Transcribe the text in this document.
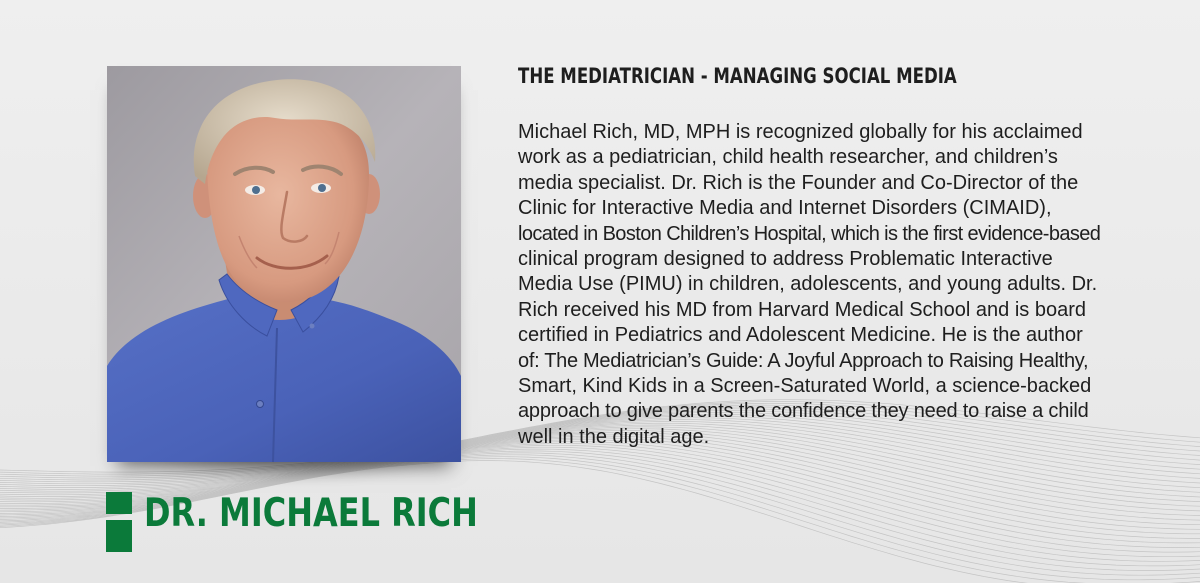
DR. MICHAEL RICH
THE MEDIATRICIAN - MANAGING SOCIAL MEDIA
Michael Rich, MD, MPH is recognized globally for his acclaimed
work as a pediatrician, child health researcher, and children’s
media specialist. Dr. Rich is the Founder and Co-Director of the
Clinic for Interactive Media and Internet Disorders (CIMAID),
located in Boston Children’s Hospital, which is the first evidence-based
clinical program designed to address Problematic Interactive
Media Use (PIMU) in children, adolescents, and young adults. Dr.
Rich received his MD from Harvard Medical School and is board
certified in Pediatrics and Adolescent Medicine. He is the author
of: The Mediatrician’s Guide: A Joyful Approach to Raising Healthy,
Smart, Kind Kids in a Screen-Saturated World, a science-backed
approach to give parents the confidence they need to raise a child
well in the digital age.
